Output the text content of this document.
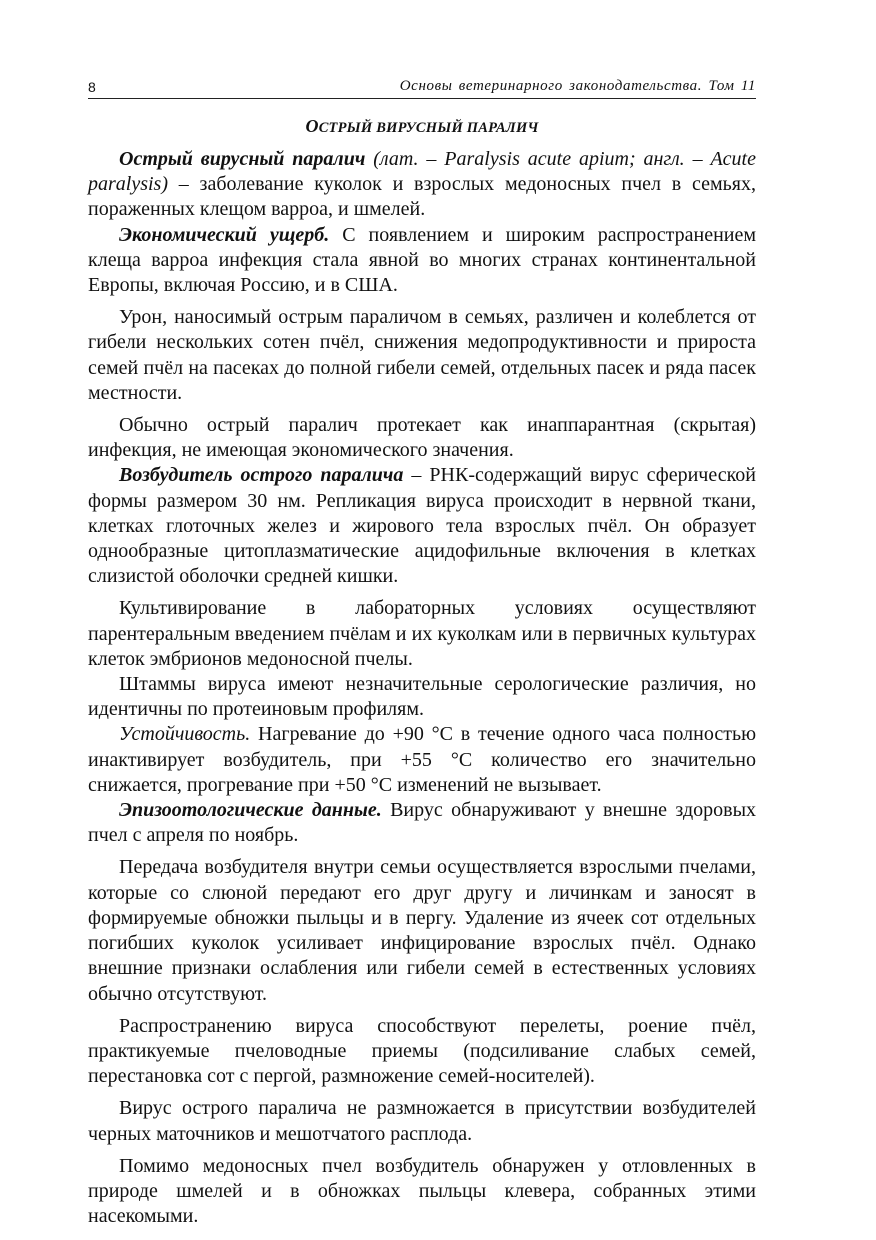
8	Основы ветеринарного законодательства. Том 11
ОСТРЫЙ ВИРУСНЫЙ ПАРАЛИЧ

Острый вирусный паралич (лат. – Paralysis acute apium; англ. – Acute paralysis) – заболевание куколок и взрослых медоносных пчел в семьях, пораженных клещом варроа, и шмелей.

Экономический ущерб. С появлением и широким распространением клеща варроа инфекция стала явной во многих странах континентальной Европы, включая Россию, и в США.

Урон, наносимый острым параличом в семьях, различен и колеблется от гибели нескольких сотен пчёл, снижения медопродуктивности и прироста семей пчёл на пасеках до полной гибели семей, отдельных пасек и ряда пасек местности.

Обычно острый паралич протекает как инаппарантная (скрытая) инфекция, не имеющая экономического значения.

Возбудитель острого паралича – РНК-содержащий вирус сферической формы размером 30 нм. Репликация вируса происходит в нервной ткани, клетках глоточных желез и жирового тела взрослых пчёл. Он образует однообразные цитоплазматические ацидофильные включения в клетках слизистой оболочки средней кишки.

Культивирование в лабораторных условиях осуществляют парентеральным введением пчёлам и их куколкам или в первичных культурах клеток эмбрионов медоносной пчелы.

Штаммы вируса имеют незначительные серологические различия, но идентичны по протеиновым профилям.

Устойчивость. Нагревание до +90 °С в течение одного часа полностью инактивирует возбудитель, при +55 °С количество его значительно снижается, прогревание при +50 °С изменений не вызывает.

Эпизоотологические данные. Вирус обнаруживают у внешне здоровых пчел с апреля по ноябрь.

Передача возбудителя внутри семьи осуществляется взрослыми пчелами, которые со слюной передают его друг другу и личинкам и заносят в формируемые обножки пыльцы и в пергу. Удаление из ячеек сот отдельных погибших куколок усиливает инфицирование взрослых пчёл. Однако внешние признаки ослабления или гибели семей в естественных условиях обычно отсутствуют.

Распространению вируса способствуют перелеты, роение пчёл, практикуемые пчеловодные приемы (подсиливание слабых семей, перестановка сот с пергой, размножение семей-носителей).

Вирус острого паралича не размножается в присутствии возбудителей черных маточников и мешотчатого расплода.

Помимо медоносных пчел возбудитель обнаружен у отловленных в природе шмелей и в обножках пыльцы клевера, собранных этими насекомыми.
